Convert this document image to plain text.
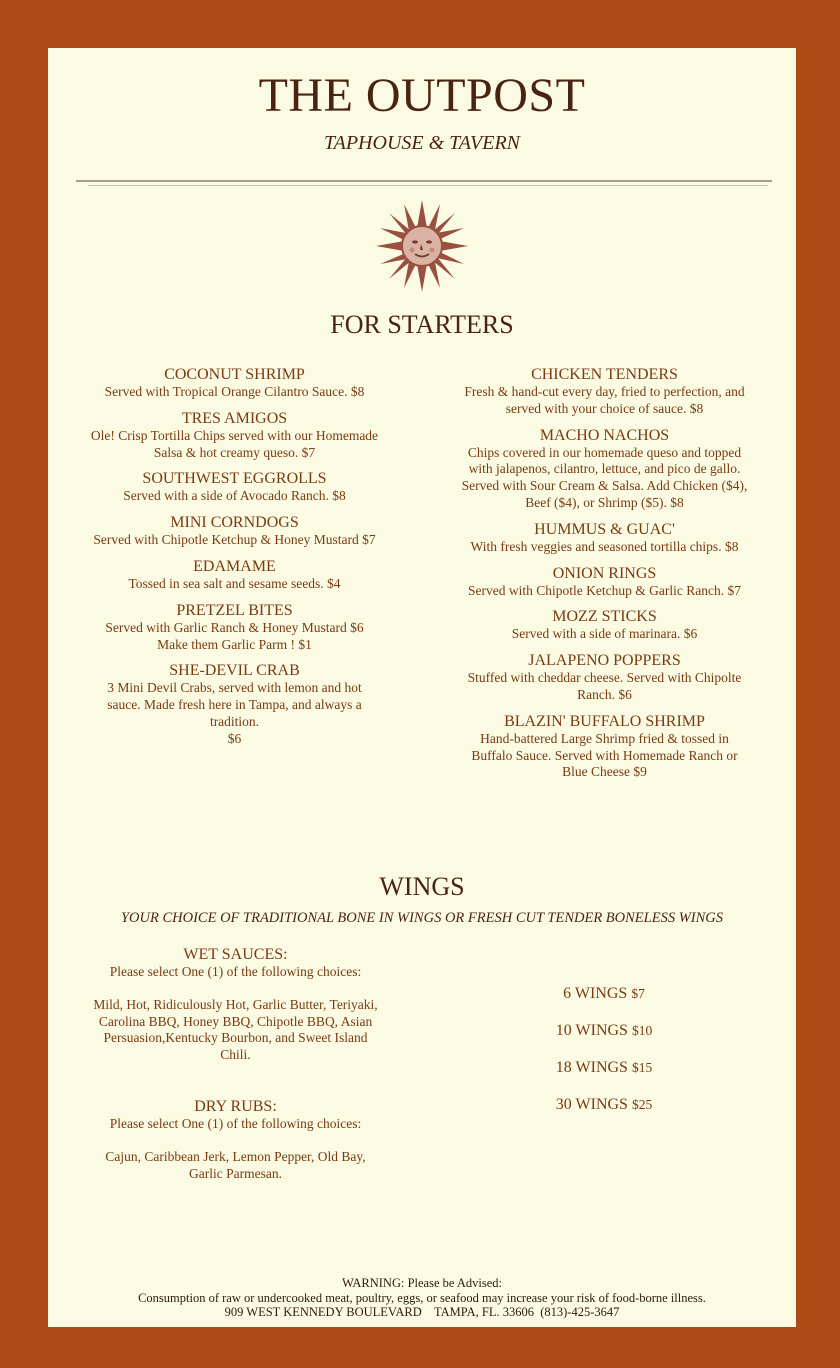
THE OUTPOST
TAPHOUSE & TAVERN
FOR STARTERS
COCONUT SHRIMP
Served with Tropical Orange Cilantro Sauce. $8
TRES AMIGOS
Ole! Crisp Tortilla Chips served with our Homemade
Salsa & hot creamy queso. $7
SOUTHWEST EGGROLLS
Served with a side of Avocado Ranch. $8
MINI CORNDOGS
Served with Chipotle Ketchup & Honey Mustard $7
EDAMAME
Tossed in sea salt and sesame seeds. $4
PRETZEL BITES
Served with Garlic Ranch & Honey Mustard $6
Make them Garlic Parm ! $1
SHE-DEVIL CRAB
3 Mini Devil Crabs, served with lemon and hot
sauce. Made fresh here in Tampa, and always a
tradition.
$6
CHICKEN TENDERS
Fresh & hand-cut every day, fried to perfection, and
served with your choice of sauce. $8
MACHO NACHOS
Chips covered in our homemade queso and topped
with jalapenos, cilantro, lettuce, and pico de gallo.
Served with Sour Cream & Salsa. Add Chicken ($4),
Beef ($4), or Shrimp ($5). $8
HUMMUS & GUAC'
With fresh veggies and seasoned tortilla chips. $8
ONION RINGS
Served with Chipotle Ketchup & Garlic Ranch. $7
MOZZ STICKS
Served with a side of marinara. $6
JALAPENO POPPERS
Stuffed with cheddar cheese. Served with Chipolte
Ranch. $6
BLAZIN' BUFFALO SHRIMP
Hand-battered Large Shrimp fried & tossed in
Buffalo Sauce. Served with Homemade Ranch or
Blue Cheese $9
WINGS
YOUR CHOICE OF TRADITIONAL BONE IN WINGS OR FRESH CUT TENDER BONELESS WINGS
WET SAUCES:
Please select One (1) of the following choices:
Mild, Hot, Ridiculously Hot, Garlic Butter, Teriyaki,
Carolina BBQ, Honey BBQ, Chipotle BBQ, Asian
Persuasion,Kentucky Bourbon, and Sweet Island
Chili.
DRY RUBS:
Please select One (1) of the following choices:
Cajun, Caribbean Jerk, Lemon Pepper, Old Bay,
Garlic Parmesan.
6 WINGS $7
10 WINGS $10
18 WINGS $15
30 WINGS $25
WARNING: Please be Advised:
Consumption of raw or undercooked meat, poultry, eggs, or seafood may increase your risk of food-borne illness.
909 WEST KENNEDY BOULEVARD    TAMPA, FL. 33606  (813)-425-3647
